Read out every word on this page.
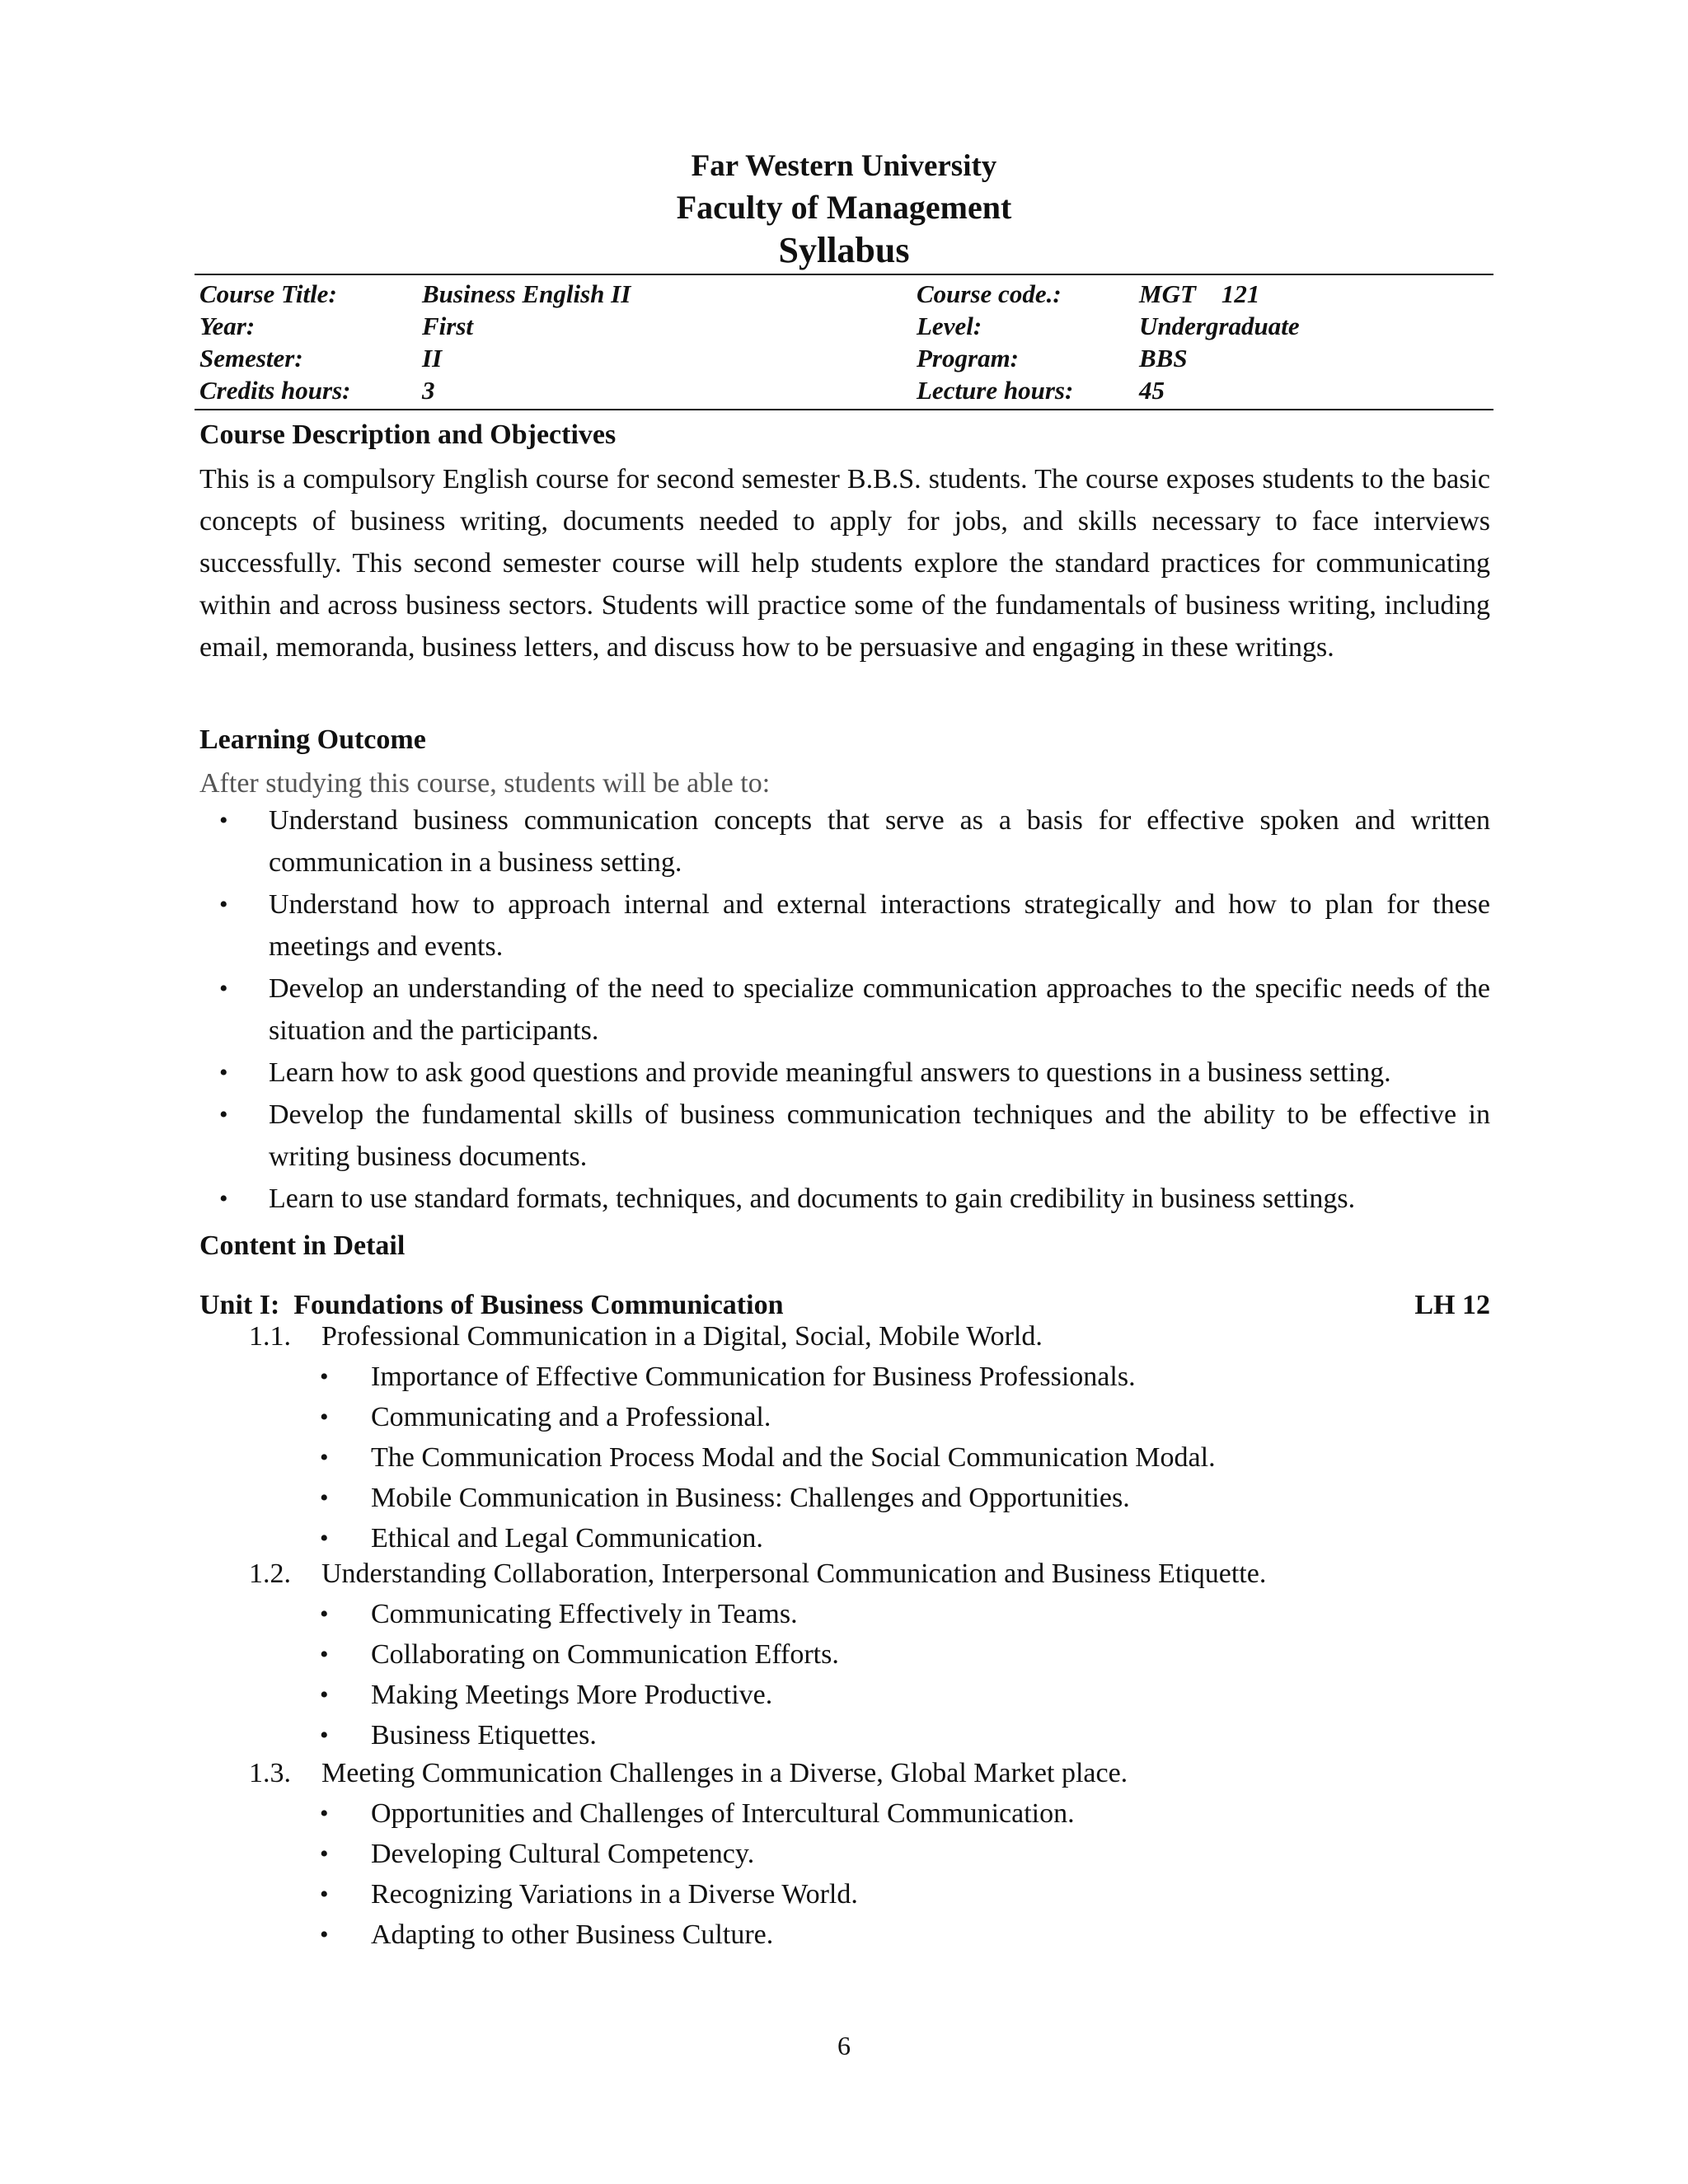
Far Western University
Faculty of Management
Syllabus
Course Title:	Business English II	Course code.:	MGT    121
Year:	First	Level:	Undergraduate
Semester:	II	Program:	BBS
Credits hours:	3	Lecture hours:	45
Course Description and Objectives
This is a compulsory English course for second semester B.B.S. students. The course exposes students to the basic concepts of business writing, documents needed to apply for jobs, and skills necessary to face interviews successfully. This second semester course will help students explore the standard practices for communicating within and across business sectors. Students will practice some of the fundamentals of business writing, including email, memoranda, business letters, and discuss how to be persuasive and engaging in these writings.
Learning Outcome
After studying this course, students will be able to:
• Understand business communication concepts that serve as a basis for effective spoken and written communication in a business setting.
• Understand how to approach internal and external interactions strategically and how to plan for these meetings and events.
• Develop an understanding of the need to specialize communication approaches to the specific needs of the situation and the participants.
• Learn how to ask good questions and provide meaningful answers to questions in a business setting.
• Develop the fundamental skills of business communication techniques and the ability to be effective in writing business documents.
• Learn to use standard formats, techniques, and documents to gain credibility in business settings.
Content in Detail
Unit I:  Foundations of Business Communication	LH 12
1.1. Professional Communication in a Digital, Social, Mobile World.
• Importance of Effective Communication for Business Professionals.
• Communicating and a Professional.
• The Communication Process Modal and the Social Communication Modal.
• Mobile Communication in Business: Challenges and Opportunities.
• Ethical and Legal Communication.
1.2. Understanding Collaboration, Interpersonal Communication and Business Etiquette.
• Communicating Effectively in Teams.
• Collaborating on Communication Efforts.
• Making Meetings More Productive.
• Business Etiquettes.
1.3. Meeting Communication Challenges in a Diverse, Global Market place.
• Opportunities and Challenges of Intercultural Communication.
• Developing Cultural Competency.
• Recognizing Variations in a Diverse World.
• Adapting to other Business Culture.
6
